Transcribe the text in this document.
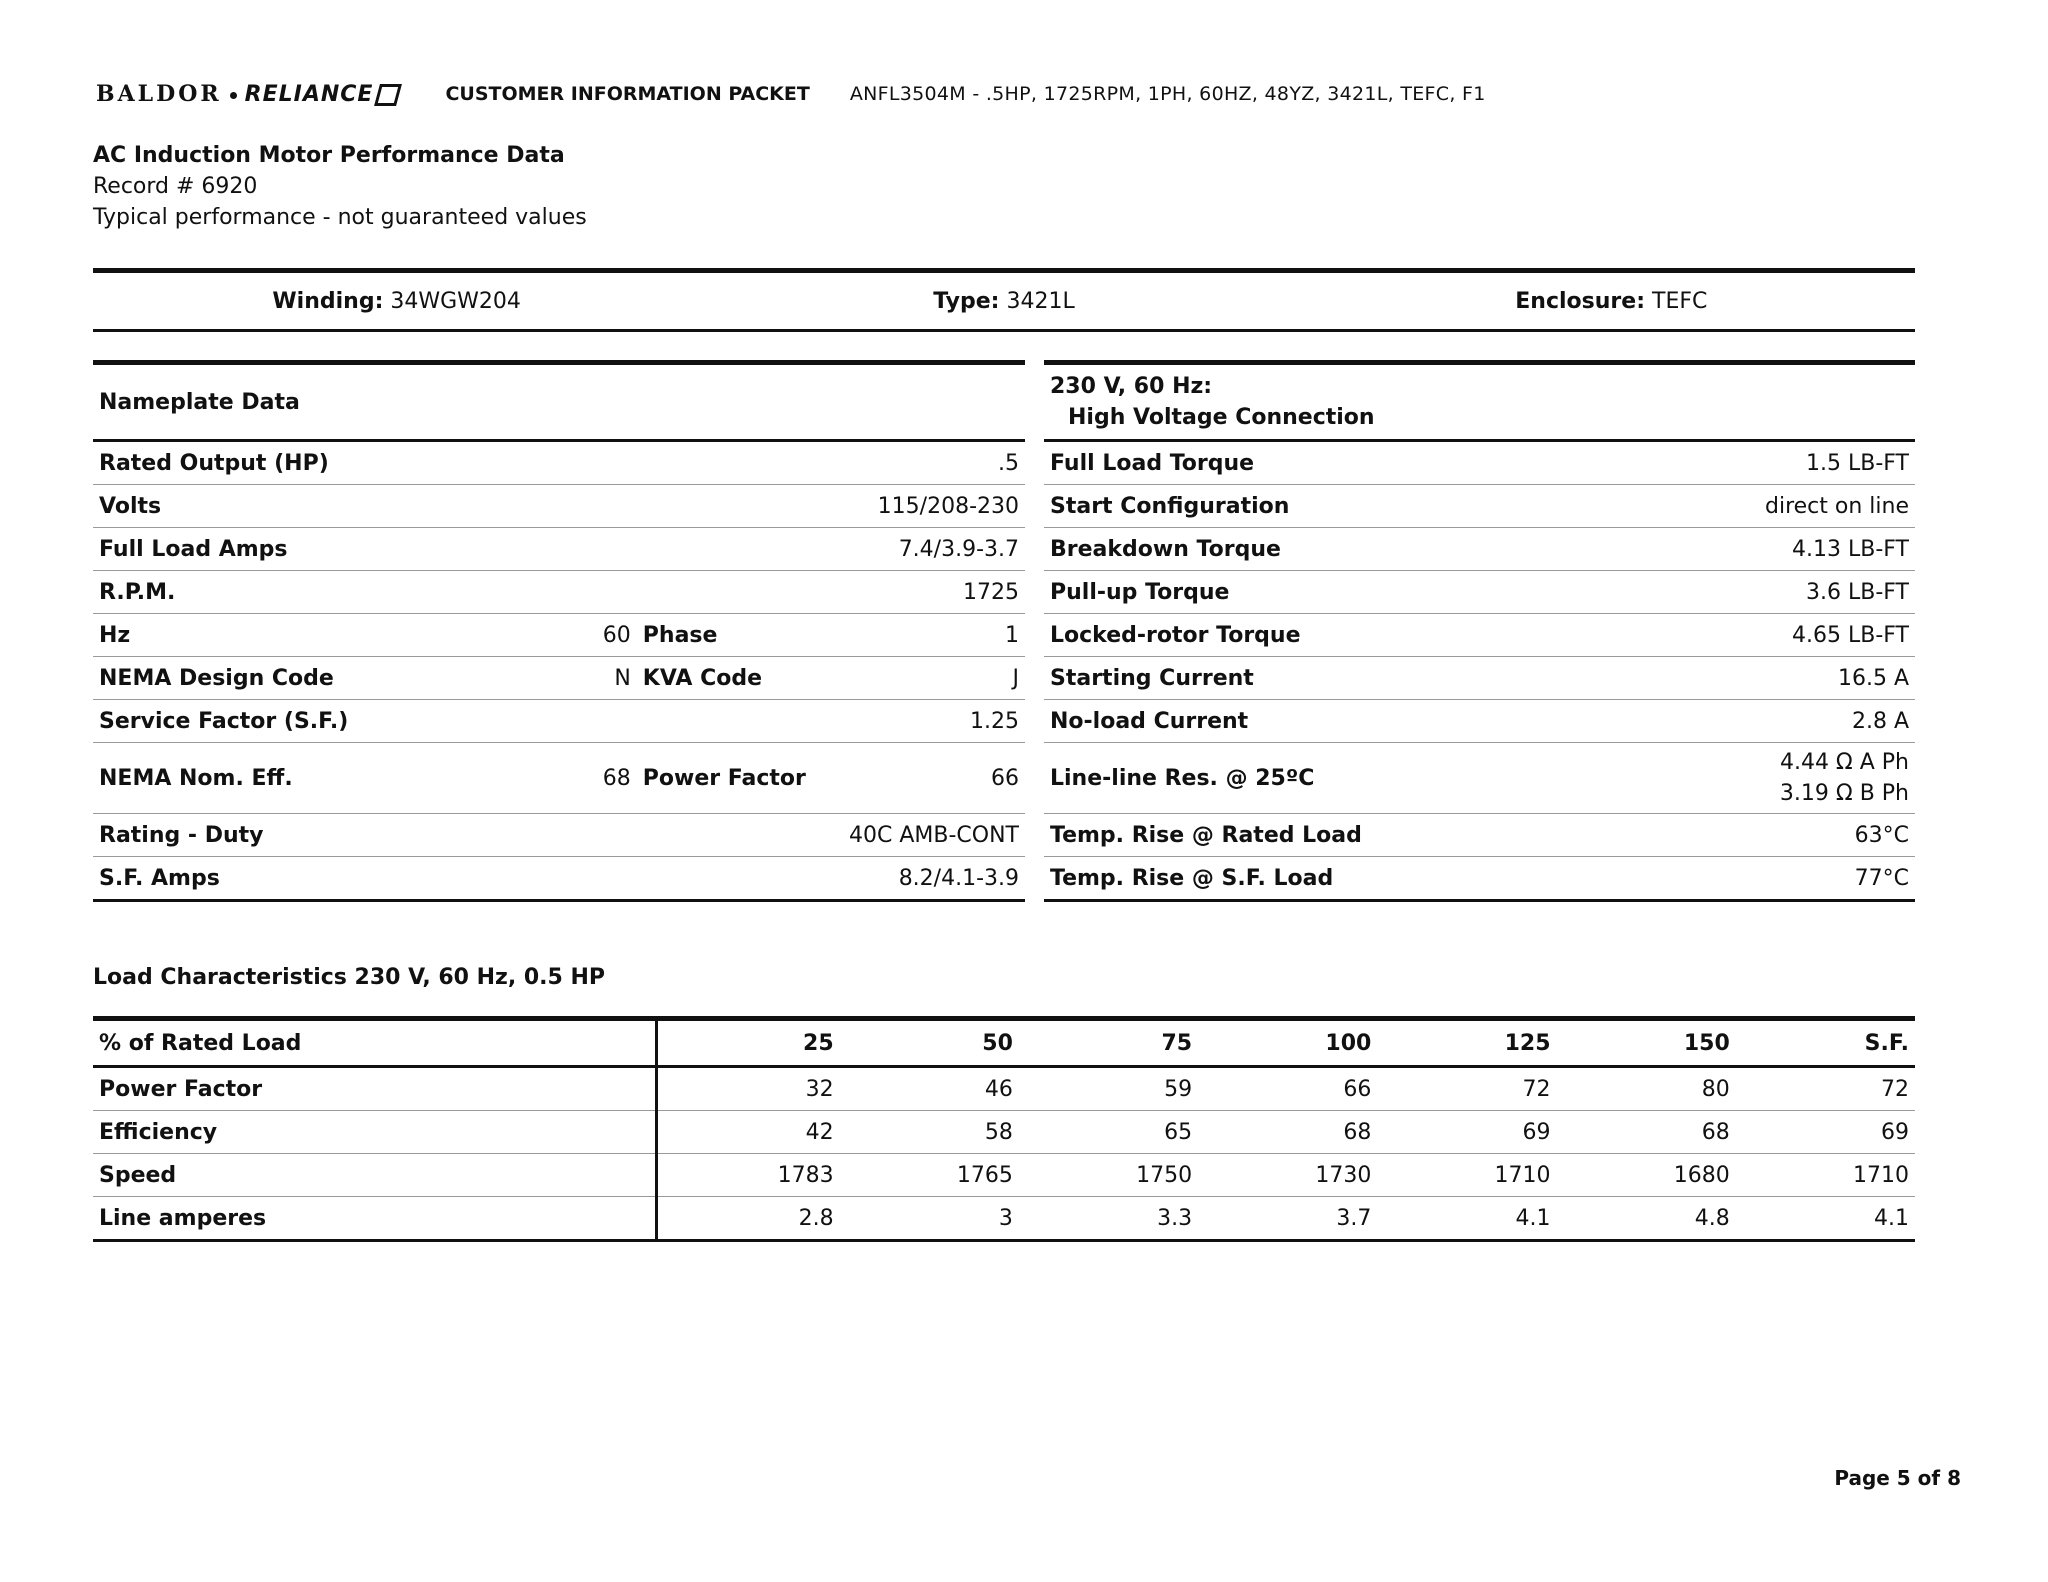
BALDOR RELIANCE	CUSTOMER INFORMATION PACKET ANFL3504M - .5HP, 1725RPM, 1PH, 60HZ, 48YZ, 3421L, TEFC, F1
AC Induction Motor Performance Data
Record # 6920
Typical performance - not guaranteed values
Winding: 34WGW204	Type: 3421L	Enclosure: TEFC
Nameplate Data			
Rated Output (HP)	.5		
Volts	115/208-230		
Full Load Amps	7.4/3.9-3.7		
R.P.M.	1725		
Hz	60	Phase	1
NEMA Design Code	N	KVA Code	J
Service Factor (S.F.)	1.25		
NEMA Nom. Eff.	68	Power Factor	66
Rating - Duty	40C AMB-CONT		
S.F. Amps	8.2/4.1-3.9		
230 V, 60 Hz:
High Voltage Connection	

Full Load Torque	1.5 LB-FT
Start Configuration	direct on line
Breakdown Torque	4.13 LB-FT
Pull-up Torque	3.6 LB-FT
Locked-rotor Torque	4.65 LB-FT
Starting Current	16.5 A
No-load Current	2.8 A
Line-line Res. @ 25ºC	4.44 Ω A Ph
3.19 Ω B Ph

Temp. Rise @ Rated Load	63°C
Temp. Rise @ S.F. Load	77°C
Load Characteristics 230 V, 60 Hz, 0.5 HP
% of Rated Load	25	50	75	100	125	150	S.F.
Power Factor	32	46	59	66	72	80	72
Efficiency	42	58	65	68	69	68	69
Speed	1783	1765	1750	1730	1710	1680	1710
Line amperes	2.8	3	3.3	3.7	4.1	4.8	4.1
Page 5 of 8
